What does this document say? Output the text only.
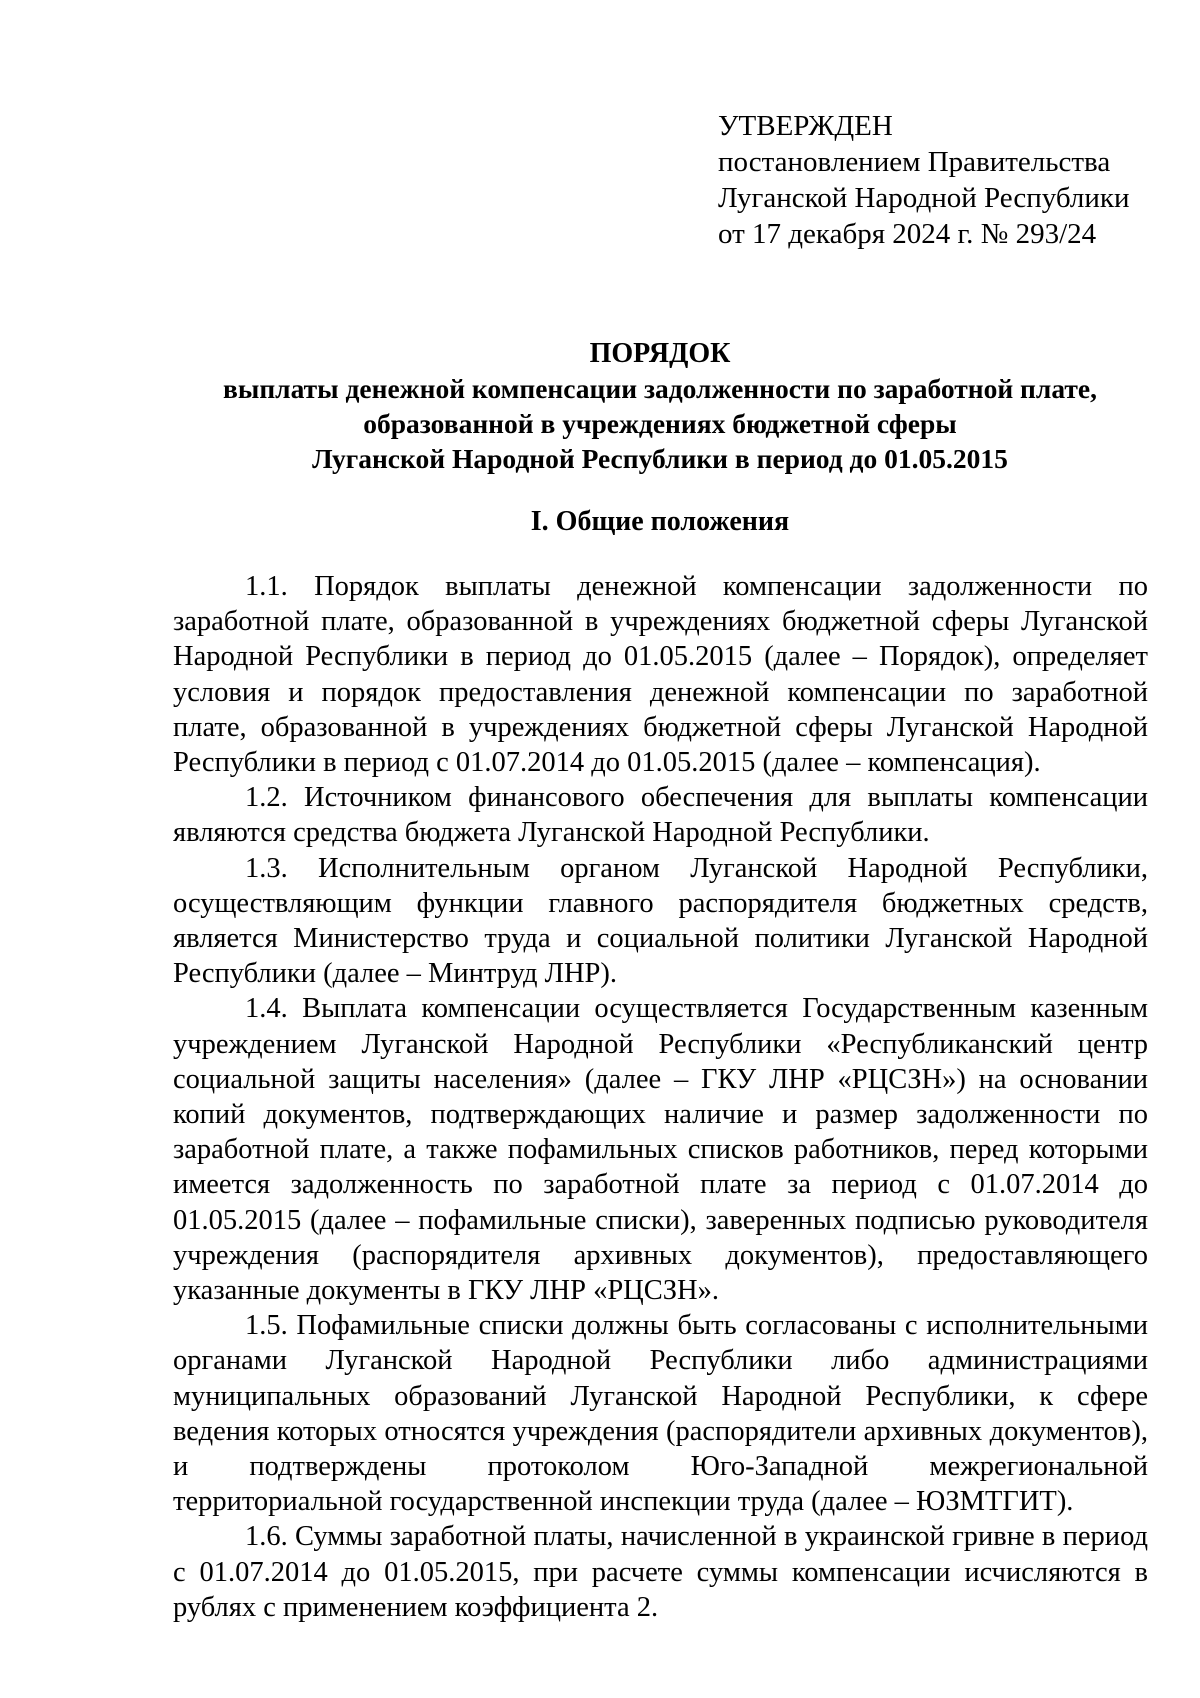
УТВЕРЖДЕН
постановлением Правительства
Луганской Народной Республики
от 17 декабря 2024 г. № 293/24
ПОРЯДОК
выплаты денежной компенсации задолженности по заработной плате,
образованной в учреждениях бюджетной сферы
Луганской Народной Республики в период до 01.05.2015
I. Общие положения

1.1. Порядок выплаты денежной компенсации задолженности по заработной плате, образованной в учреждениях бюджетной сферы Луганской Народной Республики в период до 01.05.2015 (далее – Порядок), определяет условия и порядок предоставления денежной компенсации по заработной плате, образованной в учреждениях бюджетной сферы Луганской Народной Республики в период с 01.07.2014 до 01.05.2015 (далее – компенсация).

1.2. Источником финансового обеспечения для выплаты компенсации являются средства бюджета Луганской Народной Республики.

1.3. Исполнительным органом Луганской Народной Республики, осуществляющим функции главного распорядителя бюджетных средств, является Министерство труда и социальной политики Луганской Народной Республики (далее – Минтруд ЛНР).

1.4. Выплата компенсации осуществляется Государственным казенным учреждением Луганской Народной Республики «Республиканский центр социальной защиты населения» (далее – ГКУ ЛНР «РЦСЗН») на основании копий документов, подтверждающих наличие и размер задолженности по заработной плате, а также пофамильных списков работников, перед которыми имеется задолженность по заработной плате за период с 01.07.2014 до 01.05.2015 (далее – пофамильные списки), заверенных подписью руководителя учреждения (распорядителя архивных документов), предоставляющего указанные документы в ГКУ ЛНР «РЦСЗН».

1.5. Пофамильные списки должны быть согласованы с исполнительными органами Луганской Народной Республики либо администрациями муниципальных образований Луганской Народной Республики, к сфере ведения которых относятся учреждения (распорядители архивных документов), и подтверждены протоколом Юго-Западной межрегиональной территориальной государственной инспекции труда (далее – ЮЗМТГИТ).

1.6. Суммы заработной платы, начисленной в украинской гривне в период с 01.07.2014 до 01.05.2015, при расчете суммы компенсации исчисляются в рублях с применением коэффициента 2.
